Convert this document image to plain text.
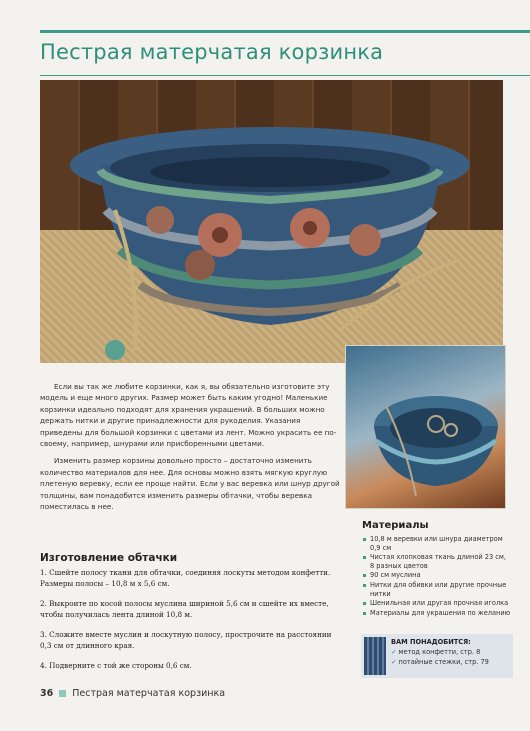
Пестрая матерчатая корзинка

Если вы так же любите корзинки, как я, вы обязательно изготовите эту модель и еще много других. Размер может быть каким угодно! Маленькие корзинки идеально подходят для хранения украшений. В больших можно держать нитки и другие принадлежности для рукоделия. Указания приведены для большой корзинки с цветами из лент. Можно украсить ее по-своему, например, шнурами или присборенными цветами.

Изменить размер корзины довольно просто – достаточно изменить количество материалов для нее. Для основы можно взять мягкую круглую плетеную веревку, если ее проще найти. Если у вас веревка или шнур другой толщины, вам понадобится изменить размеры обтачки, чтобы веревка поместилась в нее.

Изготовление обтачки
1. Сшейте полосу ткани для обтачки, соединяя лоскуты методом конфетти. Размеры полосы – 10,8 м х 5,6 см.
2. Выкроите по косой полосы муслина шириной 5,6 см и сшейте их вместе, чтобы получилась лента длиной 10,8 м.
3. Сложите вместе муслин и лоскутную полосу, прострочите на расстоянии 0,3 см от длинного края.
4. Подверните с той же стороны 0,6 см.
Материалы
10,8 м веревки или шнура диаметром 0,9 см
Чистая хлопковая ткань длиной 23 см, 8 разных цветов
90 см муслина
Нитки для обивки или другие прочные нитки
Шенильная или другая прочная иголка
Материалы для украшения по желанию
ВАМ ПОНАДОБИТСЯ:
✓ метод конфетти, стр. 8
✓ потайные стежки, стр. 79
36 Пестрая матерчатая корзинка
